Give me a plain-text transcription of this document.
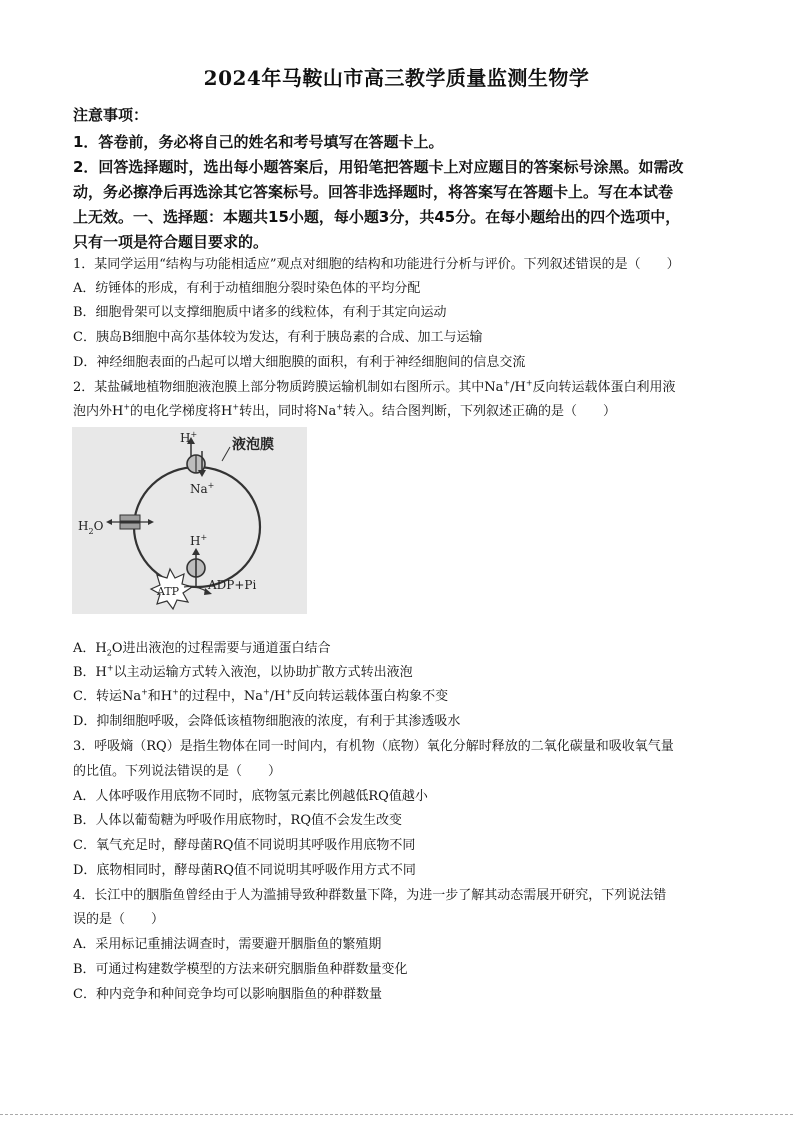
2024年马鞍山市高三教学质量监测生物学
注意事项：
1．答卷前，务必将自己的姓名和考号填写在答题卡上。
2．回答选择题时，选出每小题答案后，用铅笔把答题卡上对应题目的答案标号涂黑。如需改
动，务必擦净后再选涂其它答案标号。回答非选择题时，将答案写在答题卡上。写在本试卷
上无效。一、选择题：本题共15小题，每小题3分，共45分。在每小题给出的四个选项中，
只有一项是符合题目要求的。
1．某同学运用“结构与功能相适应”观点对细胞的结构和功能进行分析与评价。下列叙述错误的是（　　）
A．纺锤体的形成，有利于动植细胞分裂时染色体的平均分配
B．细胞骨架可以支撑细胞质中诸多的线粒体，有利于其定向运动
C．胰岛B细胞中高尔基体较为发达，有利于胰岛素的合成、加工与运输
D．神经细胞表面的凸起可以增大细胞膜的面积，有利于神经细胞间的信息交流
2．某盐碱地植物细胞液泡膜上部分物质跨膜运输机制如右图所示。其中Na+/H+反向转运载体蛋白利用液
泡内外H+的电化学梯度将H+转出，同时将Na+转入。结合图判断，下列叙述正确的是（　　）
H+
Na+
液泡膜
$H_2O$
H+
ATP ADP+Pi
A．$H_2O$进出液泡的过程需要与通道蛋白结合
B．H+以主动运输方式转入液泡，以协助扩散方式转出液泡
C．转运Na+和H+的过程中，Na+/H+反向转运载体蛋白构象不变
D．抑制细胞呼吸，会降低该植物细胞液的浓度，有利于其渗透吸水
3．呼吸熵（RQ）是指生物体在同一时间内，有机物（底物）氧化分解时释放的二氧化碳量和吸收氧气量
的比值。下列说法错误的是（　　）
A．人体呼吸作用底物不同时，底物氢元素比例越低RQ值越小
B．人体以葡萄糖为呼吸作用底物时，RQ值不会发生改变
C．氧气充足时，酵母菌RQ值不同说明其呼吸作用底物不同
D．底物相同时，酵母菌RQ值不同说明其呼吸作用方式不同
4．长江中的胭脂鱼曾经由于人为滥捕导致种群数量下降，为进一步了解其动态需展开研究，下列说法错
误的是（　　）
A．采用标记重捕法调查时，需要避开胭脂鱼的繁殖期
B．可通过构建数学模型的方法来研究胭脂鱼种群数量变化
C．种内竞争和种间竞争均可以影响胭脂鱼的种群数量
